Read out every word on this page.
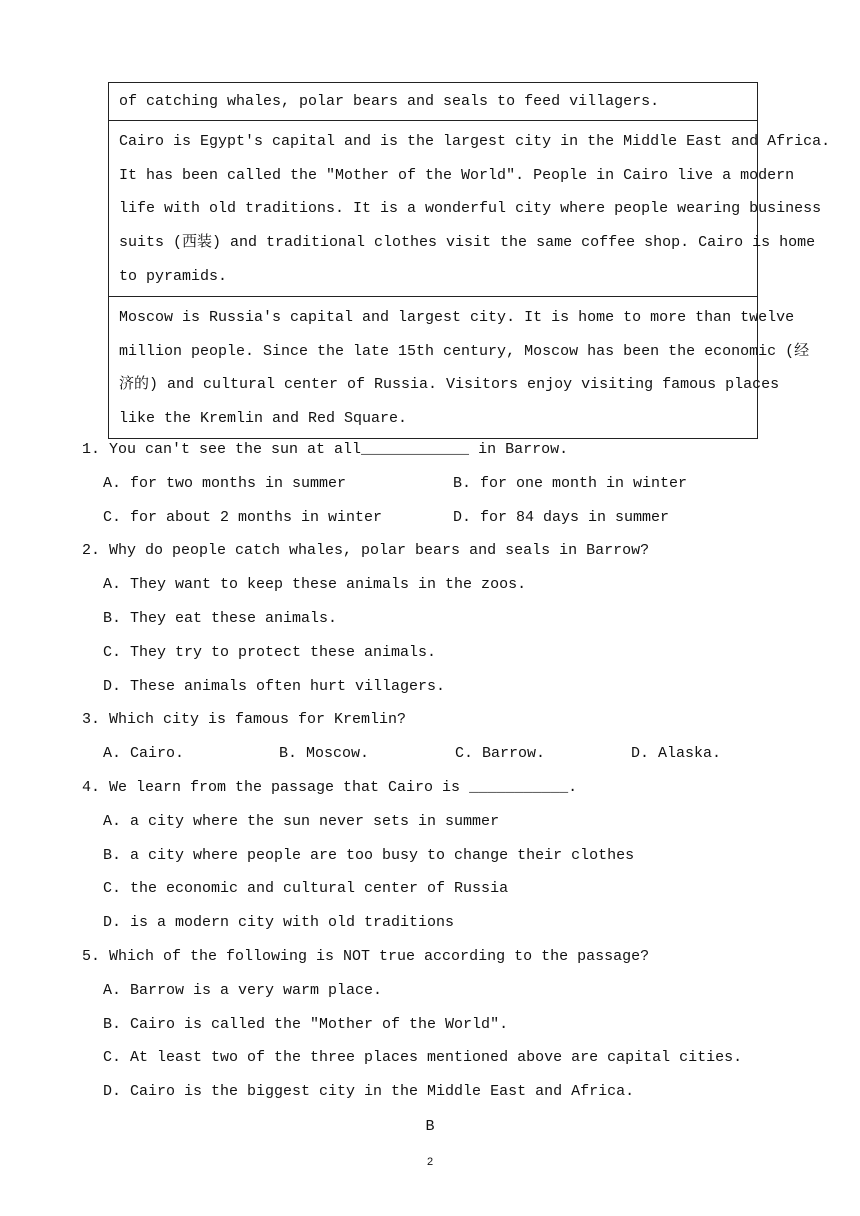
of catching whales, polar bears and seals to feed villagers.
Cairo is Egypt's capital and is the largest city in the Middle East and Africa.
It has been called the "Mother of the World". People in Cairo live a modern
life with old traditions. It is a wonderful city where people wearing business
suits (西装) and traditional clothes visit the same coffee shop. Cairo is home
to pyramids.
Moscow is Russia's capital and largest city. It is home to more than twelve
million people. Since the late 15th century, Moscow has been the economic (经
济的) and cultural center of Russia. Visitors enjoy visiting famous places
like the Kremlin and Red Square.
1. You can't see the sun at all____________ in Barrow.
A. for two months in summer	B. for one month in winter
C. for about 2 months in winter	D. for 84 days in summer
2. Why do people catch whales, polar bears and seals in Barrow?
A. They want to keep these animals in the zoos.
B. They eat these animals.
C. They try to protect these animals.
D. These animals often hurt villagers.
3. Which city is famous for Kremlin?
A. Cairo.	B. Moscow.	C. Barrow.	D. Alaska.
4. We learn from the passage that Cairo is ___________.
A. a city where the sun never sets in summer
B. a city where people are too busy to change their clothes
C. the economic and cultural center of Russia
D. is a modern city with old traditions
5. Which of the following is NOT true according to the passage?
A. Barrow is a very warm place.
B. Cairo is called the "Mother of the World".
C. At least two of the three places mentioned above are capital cities.
D. Cairo is the biggest city in the Middle East and Africa.
B
2
